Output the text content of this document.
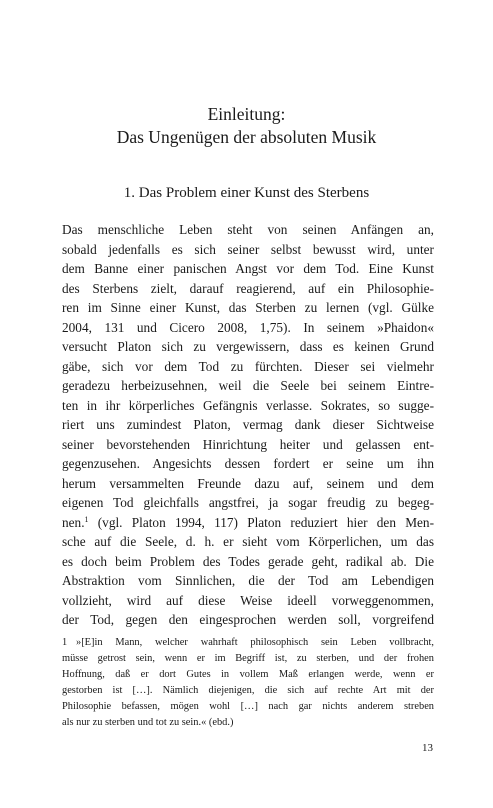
Einleitung:
Das Ungenügen der absoluten Musik
1. Das Problem einer Kunst des Sterbens
Das menschliche Leben steht von seinen Anfängen an,
sobald jedenfalls es sich seiner selbst bewusst wird, unter
dem Banne einer panischen Angst vor dem Tod. Eine Kunst
des Sterbens zielt, darauf reagierend, auf ein Philosophie-
ren im Sinne einer Kunst, das Sterben zu lernen (vgl. Gülke
2004, 131 und Cicero 2008, 1,75). In seinem »Phaidon«
versucht Platon sich zu vergewissern, dass es keinen Grund
gäbe, sich vor dem Tod zu fürchten. Dieser sei vielmehr
geradezu herbeizusehnen, weil die Seele bei seinem Eintre-
ten in ihr körperliches Gefängnis verlasse. Sokrates, so sugge-
riert uns zumindest Platon, vermag dank dieser Sichtweise
seiner bevorstehenden Hinrichtung heiter und gelassen ent-
gegenzusehen. Angesichts dessen fordert er seine um ihn
herum versammelten Freunde dazu auf, seinem und dem
eigenen Tod gleichfalls angstfrei, ja sogar freudig zu begeg-
nen.$^1$ (vgl. Platon 1994, 117) Platon reduziert hier den Men-
sche auf die Seele, d. h. er sieht vom Körperlichen, um das
es doch beim Problem des Todes gerade geht, radikal ab. Die
Abstraktion vom Sinnlichen, die der Tod am Lebendigen
vollzieht, wird auf diese Weise ideell vorweggenommen,
der Tod, gegen den eingesprochen werden soll, vorgreifend
1 »[E]in Mann, welcher wahrhaft philosophisch sein Leben vollbracht,
müsse getrost sein, wenn er im Begriff ist, zu sterben, und der frohen
Hoffnung, daß er dort Gutes in vollem Maß erlangen werde, wenn er
gestorben ist […]. Nämlich diejenigen, die sich auf rechte Art mit der
Philosophie befassen, mögen wohl […] nach gar nichts anderem streben
als nur zu sterben und tot zu sein.« (ebd.)
13
